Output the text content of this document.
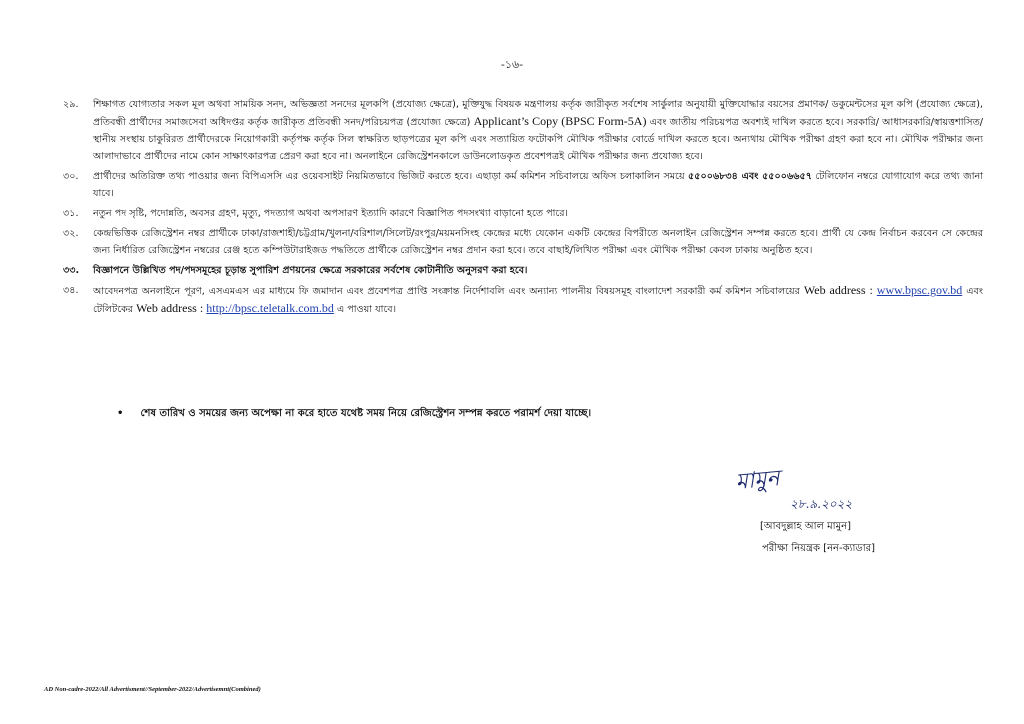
-১৬-
২৯. শিক্ষাগত যোগ্যতার সকল মূল অথবা সাময়িক সনদ, অভিজ্ঞতা সনদের মূলকপি (প্রযোজ্য ক্ষেত্রে), মুক্তিযুদ্ধ বিষয়ক মন্ত্রণালয় কর্তৃক জারীকৃত সর্বশেষ সার্কুলার অনুযায়ী মুক্তিযোদ্ধার বয়সের প্রমাণক/ ডকুমেন্টসের মূল কপি (প্রযোজ্য ক্ষেত্রে), প্রতিবন্ধী প্রার্থীদের সমাজসেবা অধিদপ্তর কর্তৃক জারীকৃত প্রতিবন্ধী সনদ/পরিচয়পত্র (প্রযোজ্য ক্ষেত্রে) Applicant’s Copy (BPSC Form-5A) এবং জাতীয় পরিচয়পত্র অবশ্যই দাখিল করতে হবে। সরকারি/ আধাসরকারি/স্বায়ত্তশাসিত/স্থানীয় সংস্থায় চাকুরিরত প্রার্থীদেরকে নিয়োগকারী কর্তৃপক্ষ কর্তৃক সিল স্বাক্ষরিত ছাড়পত্রের মূল কপি এবং সত্যায়িত ফটোকপি মৌখিক পরীক্ষার বোর্ডে দাখিল করতে হবে। অন্যথায় মৌখিক পরীক্ষা গ্রহণ করা হবে না। মৌখিক পরীক্ষার জন্য আলাদাভাবে প্রার্থীদের নামে কোন সাক্ষাৎকারপত্র প্রেরণ করা হবে না। অনলাইনে রেজিস্ট্রেশনকালে ডাউনলোডকৃত প্রবেশপত্রই মৌখিক পরীক্ষার জন্য প্রযোজ্য হবে।
৩০. প্রার্থীদের অতিরিক্ত তথ্য পাওয়ার জন্য বিপিএসসি এর ওয়েবসাইট নিয়মিতভাবে ভিজিট করতে হবে। এছাড়া কর্ম কমিশন সচিবালয়ে অফিস চলাকালিন সময়ে ৫৫০০৬৮৩৪ এবং ৫৫০০৬৬৫৭ টেলিফোন নম্বরে যোগাযোগ করে তথ্য জানা যাবে।
৩১. নতুন পদ সৃষ্টি, পদোন্নতি, অবসর গ্রহণ, মৃত্যু, পদত্যাগ অথবা অপসারণ ইত্যাদি কারণে বিজ্ঞাপিত পদসংখ্যা বাড়ানো হতে পারে।
৩২. কেন্দ্রভিত্তিক রেজিস্ট্রেশন নম্বর প্রার্থীকে ঢাকা/রাজশাহী/চট্টগ্রাম/খুলনা/বরিশাল/সিলেট/রংপুর/ময়মনসিংহ কেন্দ্রের মধ্যে যেকোন একটি কেন্দ্রের বিপরীতে অনলাইন রেজিস্ট্রেশন সম্পন্ন করতে হবে। প্রার্থী যে কেন্দ্র নির্বাচন করবেন সে কেন্দ্রের জন্য নির্ধারিত রেজিস্ট্রেশন নম্বরের রেঞ্জ হতে কম্পিউটারাইজড পদ্ধতিতে প্রার্থীকে রেজিস্ট্রেশন নম্বর প্রদান করা হবে। তবে বাছাই/লিখিত পরীক্ষা এবং মৌখিক পরীক্ষা কেবল ঢাকায় অনুষ্ঠিত হবে।
৩৩. বিজ্ঞাপনে উল্লিখিত পদ/পদসমূহের চূড়ান্ত সুপারিশ প্রণয়নের ক্ষেত্রে সরকারের সর্বশেষ কোটানীতি অনুসরণ করা হবে।
৩৪. আবেদনপত্র অনলাইনে পূরণ, এসএমএস এর মাধ্যমে ফি জমাদান এবং প্রবেশপত্র প্রাপ্তি সংক্রান্ত নির্দেশাবলি এবং অন্যান্য পালনীয় বিষয়সমূহ বাংলাদেশ সরকারী কর্ম কমিশন সচিবালয়ের Web address : www.bpsc.gov.bd এবং টেলিটকের Web address : http://bpsc.teletalk.com.bd এ পাওয়া যাবে।
• শেষ তারিখ ও সময়ের জন্য অপেক্ষা না করে হাতে যথেষ্ট সময় নিয়ে রেজিস্ট্রেশন সম্পন্ন করতে পরামর্শ দেয়া যাচ্ছে।
মামুন
২৮.৯.২০২২
[আবদুল্লাহ আল মামুন]
পরীক্ষা নিয়ন্ত্রক [নন-ক্যাডার]
AD Non-cadre-2022/All Advertisment//September-2022/Advertisemnt(Combined)
